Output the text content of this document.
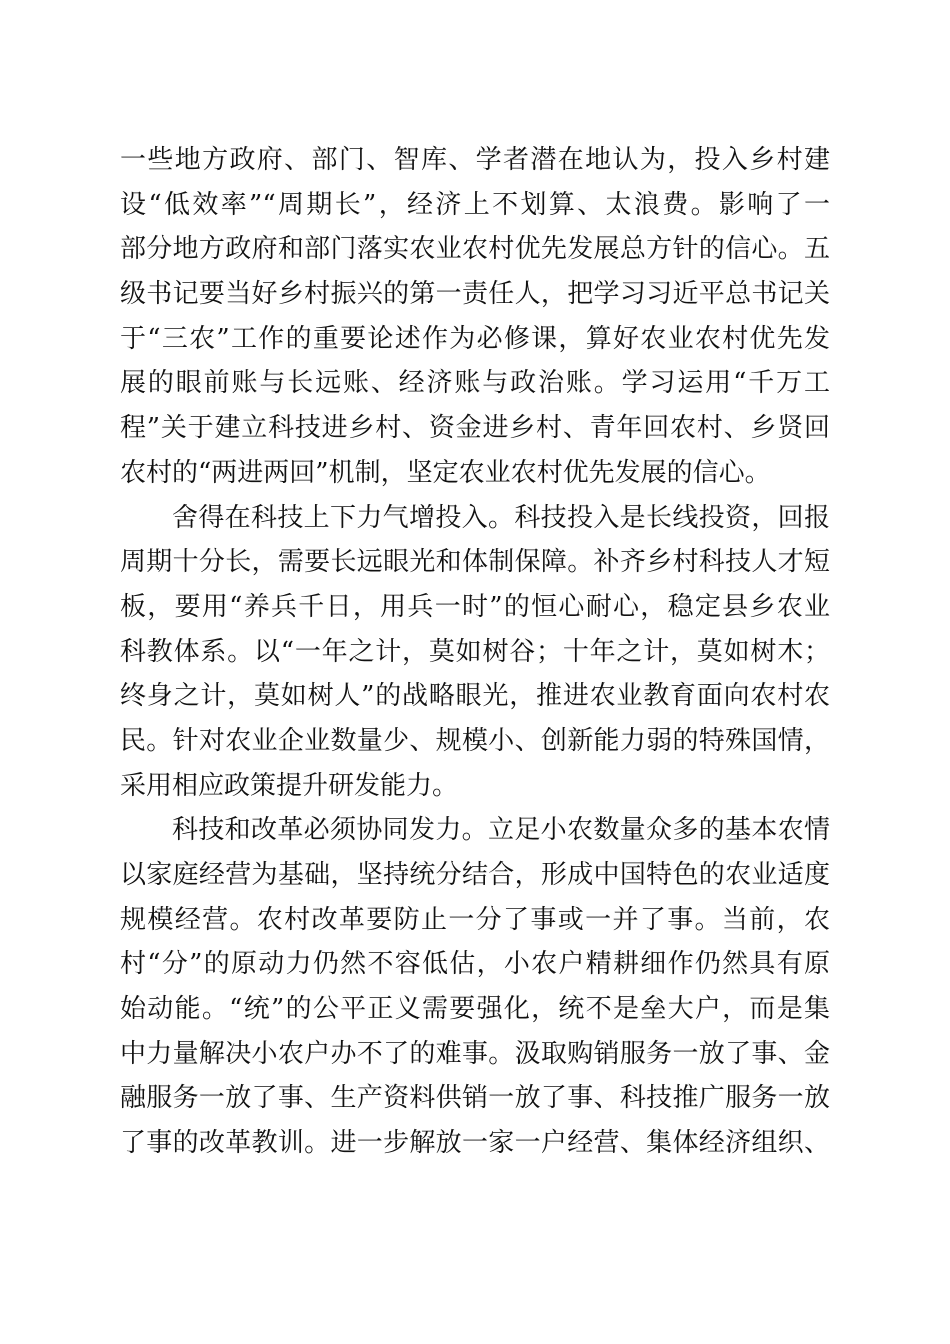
一些地方政府、部门、智库、学者潜在地认为，投入乡村建
设“低效率”“周期长”，经济上不划算、太浪费。影响了一
部分地方政府和部门落实农业农村优先发展总方针的信心。五
级书记要当好乡村振兴的第一责任人，把学习习近平总书记关
于“三农”工作的重要论述作为必修课，算好农业农村优先发
展的眼前账与长远账、经济账与政治账。学习运用“千万工
程”关于建立科技进乡村、资金进乡村、青年回农村、乡贤回
农村的“两进两回”机制，坚定农业农村优先发展的信心。
舍得在科技上下力气增投入。科技投入是长线投资，回报
周期十分长，需要长远眼光和体制保障。补齐乡村科技人才短
板，要用“养兵千日，用兵一时”的恒心耐心，稳定县乡农业
科教体系。以“一年之计，莫如树谷；十年之计，莫如树木；
终身之计，莫如树人”的战略眼光，推进农业教育面向农村农
民。针对农业企业数量少、规模小、创新能力弱的特殊国情，
采用相应政策提升研发能力。
科技和改革必须协同发力。立足小农数量众多的基本农情
以家庭经营为基础，坚持统分结合，形成中国特色的农业适度
规模经营。农村改革要防止一分了事或一并了事。当前，农
村“分”的原动力仍然不容低估，小农户精耕细作仍然具有原
始动能。“统”的公平正义需要强化，统不是垒大户，而是集
中力量解决小农户办不了的难事。汲取购销服务一放了事、金
融服务一放了事、生产资料供销一放了事、科技推广服务一放
了事的改革教训。进一步解放一家一户经营、集体经济组织、
